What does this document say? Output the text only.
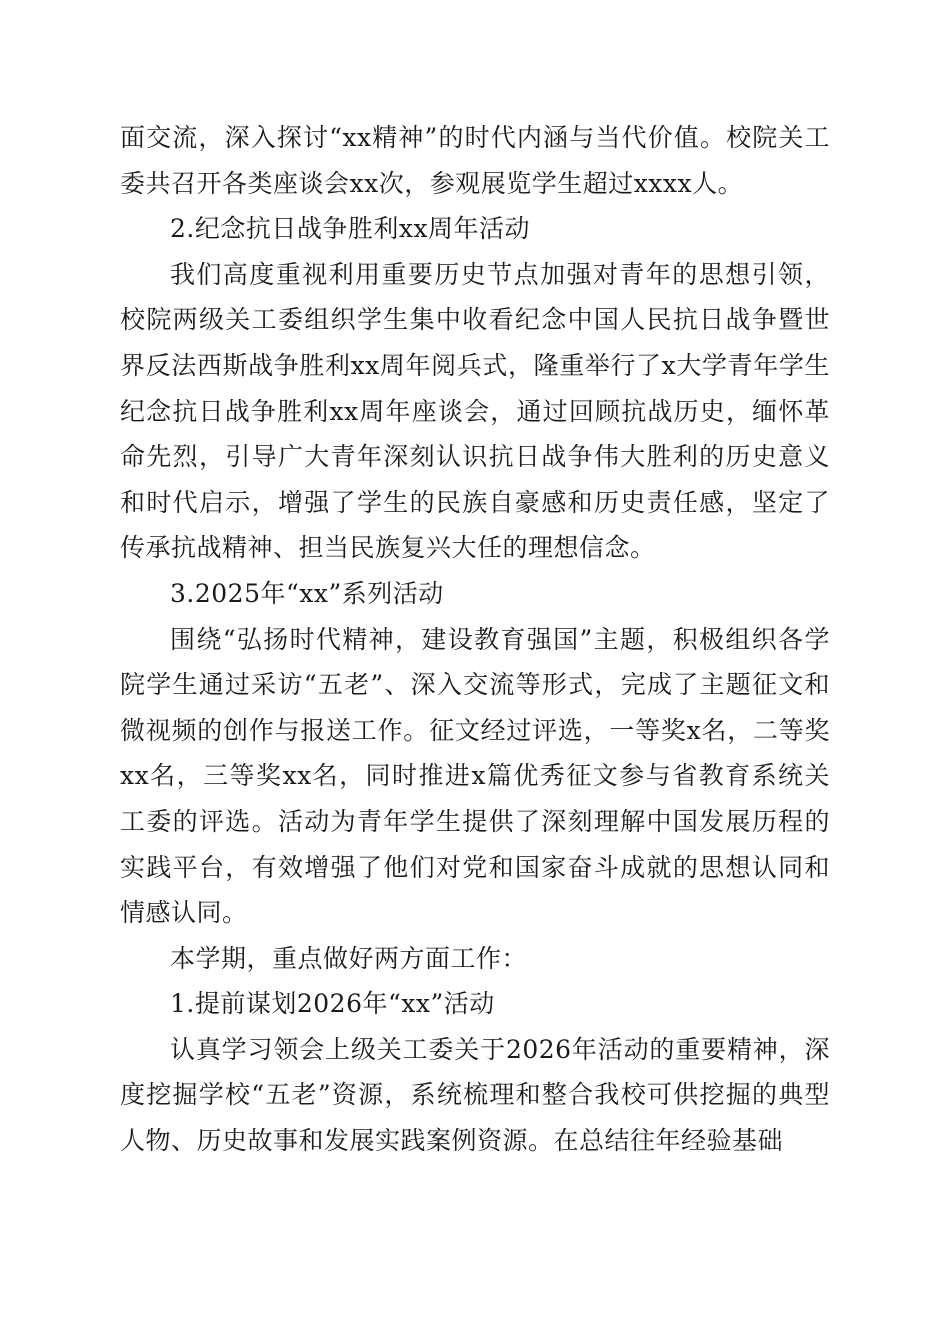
面交流，深入探讨“xx精神”的时代内涵与当代价值。校院关工委共召开各类座谈会xx次，参观展览学生超过xxxx人。

2.纪念抗日战争胜利xx周年活动

我们高度重视利用重要历史节点加强对青年的思想引领，校院两级关工委组织学生集中收看纪念中国人民抗日战争暨世界反法西斯战争胜利xx周年阅兵式，隆重举行了x大学青年学生纪念抗日战争胜利xx周年座谈会，通过回顾抗战历史，缅怀革命先烈，引导广大青年深刻认识抗日战争伟大胜利的历史意义和时代启示，增强了学生的民族自豪感和历史责任感，坚定了传承抗战精神、担当民族复兴大任的理想信念。

3.2025年“xx”系列活动

围绕“弘扬时代精神，建设教育强国”主题，积极组织各学院学生通过采访“五老”、深入交流等形式，完成了主题征文和微视频的创作与报送工作。征文经过评选，一等奖x名，二等奖xx名，三等奖xx名，同时推进x篇优秀征文参与省教育系统关工委的评选。活动为青年学生提供了深刻理解中国发展历程的实践平台，有效增强了他们对党和国家奋斗成就的思想认同和情感认同。

本学期，重点做好两方面工作：

1.提前谋划2026年“xx”活动

认真学习领会上级关工委关于2026年活动的重要精神，深度挖掘学校“五老”资源，系统梳理和整合我校可供挖掘的典型人物、历史故事和发展实践案例资源。在总结往年经验基础
